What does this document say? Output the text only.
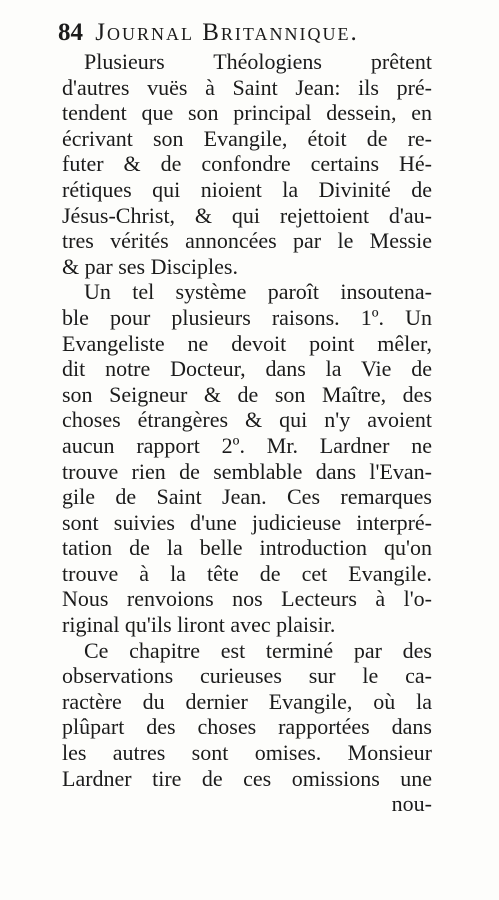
84 Journal Britannique.
Plusieurs Théologiens prêtent
d'autres vuës à Saint Jean: ils pré-
tendent que son principal dessein, en
écrivant son Evangile, étoit de re-
futer & de confondre certains Hé-
rétiques qui nioient la Divinité de
Jésus-Christ, & qui rejettoient d'au-
tres vérités annoncées par le Messie
& par ses Disciples.
Un tel système paroît insoutena-
ble pour plusieurs raisons. 1º. Un
Evangeliste ne devoit point mêler,
dit notre Docteur, dans la Vie de
son Seigneur & de son Maître, des
choses étrangères & qui n'y avoient
aucun rapport 2º. Mr. Lardner ne
trouve rien de semblable dans l'Evan-
gile de Saint Jean. Ces remarques
sont suivies d'une judicieuse interpré-
tation de la belle introduction qu'on
trouve à la tête de cet Evangile.
Nous renvoions nos Lecteurs à l'o-
riginal qu'ils liront avec plaisir.
Ce chapitre est terminé par des
observations curieuses sur le ca-
ractère du dernier Evangile, où la
plûpart des choses rapportées dans
les autres sont omises. Monsieur
Lardner tire de ces omissions une
nou-
